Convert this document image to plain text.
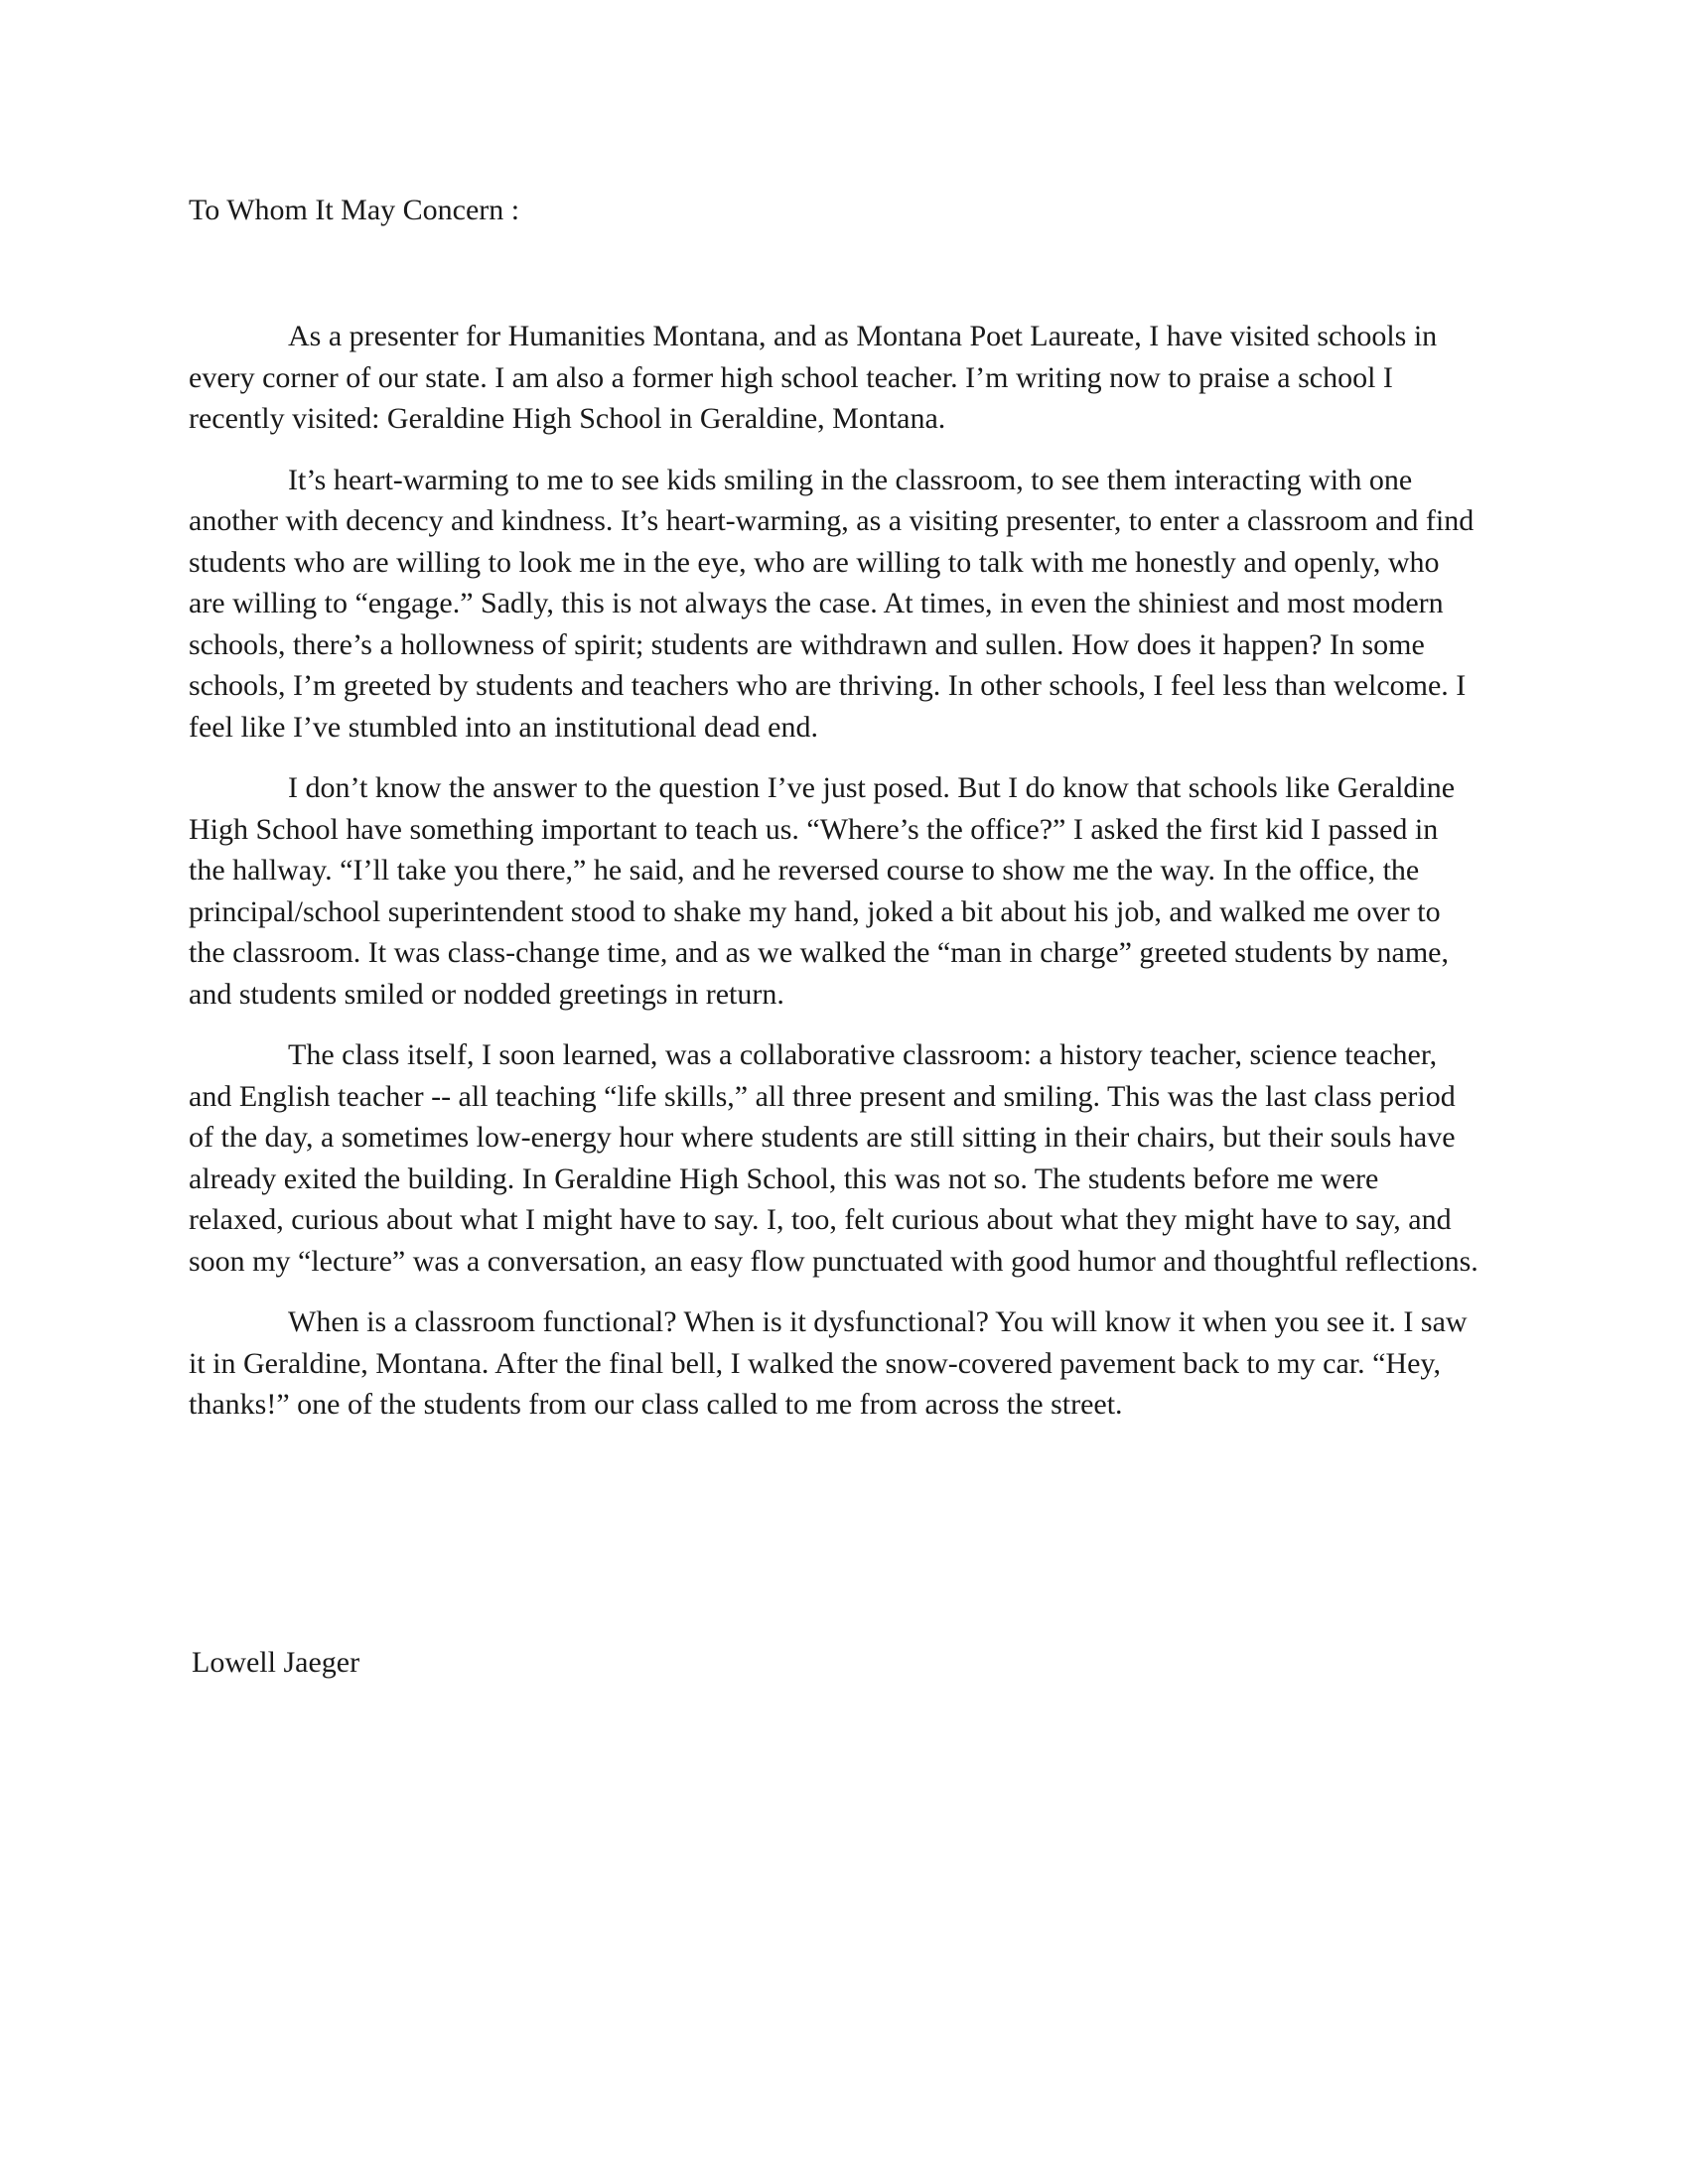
To Whom It May Concern :

As a presenter for Humanities Montana, and as Montana Poet Laureate, I have visited schools in every corner of our state. I am also a former high school teacher. I’m writing now to praise a school I recently visited: Geraldine High School in Geraldine, Montana.

It’s heart-warming to me to see kids smiling in the classroom, to see them interacting with one another with decency and kindness. It’s heart-warming, as a visiting presenter, to enter a classroom and find students who are willing to look me in the eye, who are willing to talk with me honestly and openly, who are willing to “engage.” Sadly, this is not always the case. At times, in even the shiniest and most modern schools, there’s a hollowness of spirit; students are withdrawn and sullen. How does it happen? In some schools, I’m greeted by students and teachers who are thriving. In other schools, I feel less than welcome. I feel like I’ve stumbled into an institutional dead end.

I don’t know the answer to the question I’ve just posed. But I do know that schools like Geraldine High School have something important to teach us. “Where’s the office?” I asked the first kid I passed in the hallway. “I’ll take you there,” he said, and he reversed course to show me the way. In the office, the principal/school superintendent stood to shake my hand, joked a bit about his job, and walked me over to the classroom. It was class-change time, and as we walked the “man in charge” greeted students by name, and students smiled or nodded greetings in return.

The class itself, I soon learned, was a collaborative classroom: a history teacher, science teacher, and English teacher -- all teaching “life skills,” all three present and smiling. This was the last class period of the day, a sometimes low-energy hour where students are still sitting in their chairs, but their souls have already exited the building. In Geraldine High School, this was not so. The students before me were relaxed, curious about what I might have to say. I, too, felt curious about what they might have to say, and soon my “lecture” was a conversation, an easy flow punctuated with good humor and thoughtful reflections.

When is a classroom functional? When is it dysfunctional? You will know it when you see it. I saw it in Geraldine, Montana. After the final bell, I walked the snow-covered pavement back to my car. “Hey, thanks!” one of the students from our class called to me from across the street.

Lowell Jaeger
